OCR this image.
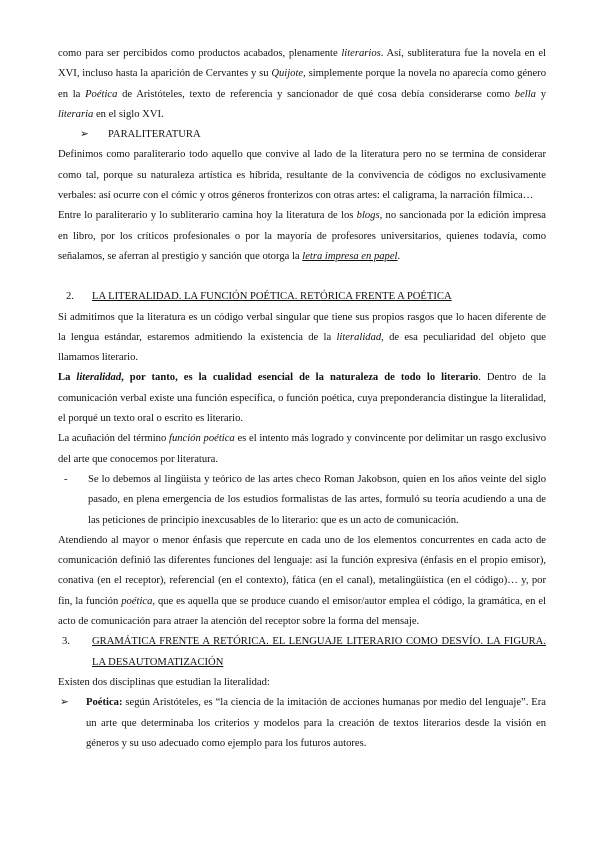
como para ser percibidos como productos acabados, plenamente literarios. Así, subliteratura fue la novela en el XVI, incluso hasta la aparición de Cervantes y su Quijote, simplemente porque la novela no aparecía como género en la Poética de Aristóteles, texto de referencia y sancionador de qué cosa debía considerarse como bella y literaria en el siglo XVI.

➢ PARALITERATURA

Definimos como paraliterario todo aquello que convive al lado de la literatura pero no se termina de considerar como tal, porque su naturaleza artística es híbrida, resultante de la convivencia de códigos no exclusivamente verbales: así ocurre con el cómic y otros géneros fronterizos con otras artes: el caligrama, la narración fílmica…

Entre lo paraliterario y lo subliterario camina hoy la literatura de los blogs, no sancionada por la edición impresa en libro, por los críticos profesionales o por la mayoría de profesores universitarios, quienes todavía, como señalamos, se aferran al prestigio y sanción que otorga la letra impresa en papel.

2. LA LITERALIDAD. LA FUNCIÓN POÉTICA. RETÓRICA FRENTE A POÉTICA

Si admitimos que la literatura es un código verbal singular que tiene sus propios rasgos que lo hacen diferente de la lengua estándar, estaremos admitiendo la existencia de la literalidad, de esa peculiaridad del objeto que llamamos literario.

La literalidad, por tanto, es la cualidad esencial de la naturaleza de todo lo literario. Dentro de la comunicación verbal existe una función específica, o función poética, cuya preponderancia distingue la literalidad, el porqué un texto oral o escrito es literario.

La acuñación del término función poética es el intento más logrado y convincente por delimitar un rasgo exclusivo del arte que conocemos por literatura.

- Se lo debemos al lingüista y teórico de las artes checo Roman Jakobson, quien en los años veinte del siglo pasado, en plena emergencia de los estudios formalistas de las artes, formuló su teoría acudiendo a una de las peticiones de principio inexcusables de lo literario: que es un acto de comunicación.

Atendiendo al mayor o menor énfasis que repercute en cada uno de los elementos concurrentes en cada acto de comunicación definió las diferentes funciones del lenguaje: así la función expresiva (énfasis en el propio emisor), conativa (en el receptor), referencial (en el contexto), fática (en el canal), metalingüística (en el código)… y, por fin, la función poética, que es aquella que se produce cuando el emisor/autor emplea el código, la gramática, en el acto de comunicación para atraer la atención del receptor sobre la forma del mensaje.

3. GRAMÁTICA FRENTE A RETÓRICA. EL LENGUAJE LITERARIO COMO DESVÍO. LA FIGURA. LA DESAUTOMATIZACIÓN

Existen dos disciplinas que estudian la literalidad:

➢ Poética: según Aristóteles, es “la ciencia de la imitación de acciones humanas por medio del lenguaje”. Era un arte que determinaba los criterios y modelos para la creación de textos literarios desde la visión en géneros y su uso adecuado como ejemplo para los futuros autores.
